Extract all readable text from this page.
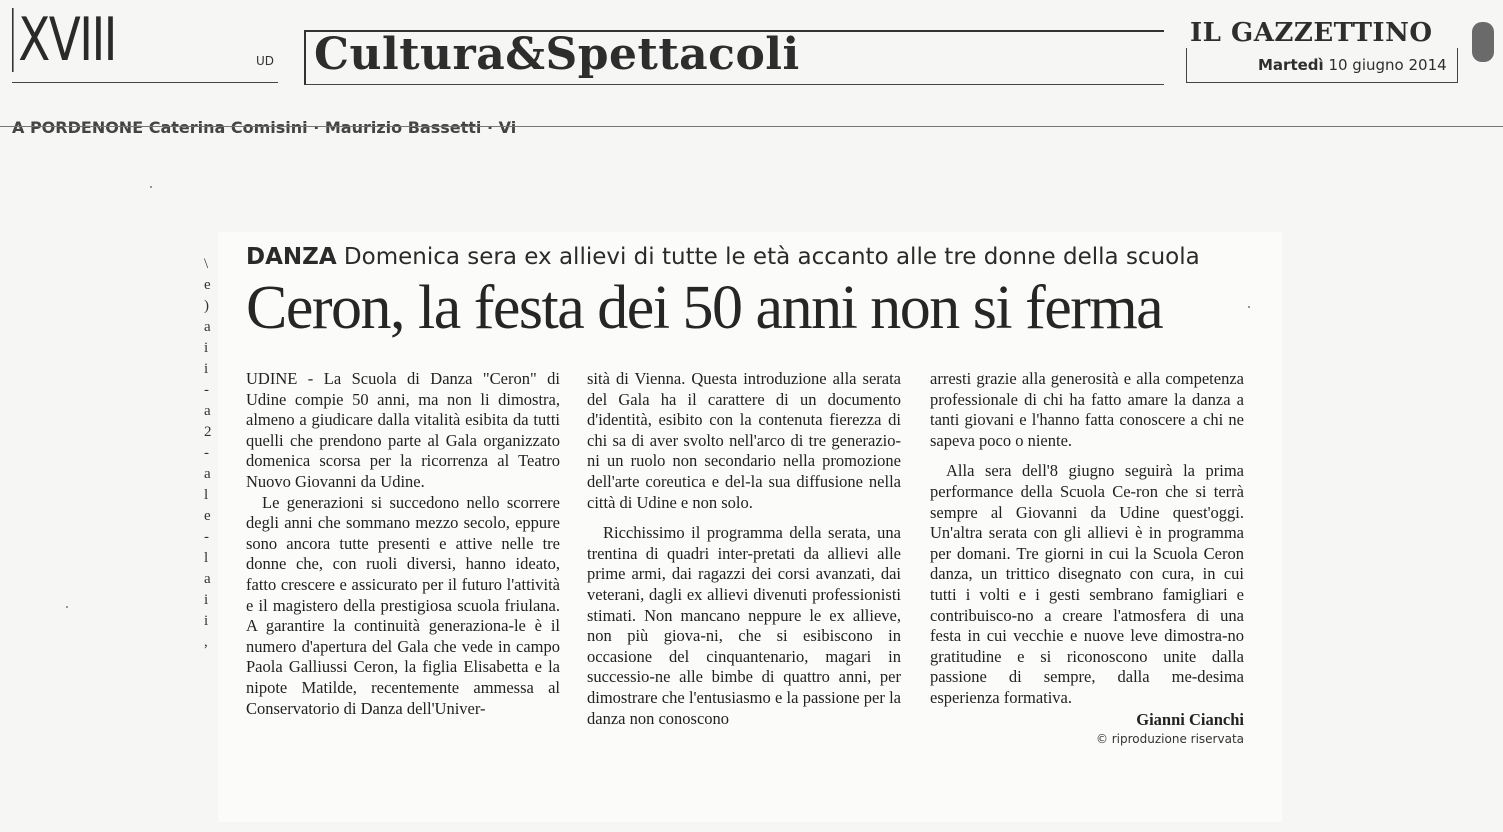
XVIII	UD Cultura&Spettacoli	IL GAZZETTINO
Martedì 10 giugno 2014
A PORDENONE Caterina Comisini · Maurizio Bassetti · Vi
\
e
)
a
i
i
-
a
2
-
a
l
e
-
l
a
i
i
,
DANZA Domenica sera ex allievi di tutte le età accanto alle tre donne della scuola
Ceron, la festa dei 50 anni non si ferma

UDINE - La Scuola di Danza "Ceron" di Udine compie 50 anni, ma non li dimostra, almeno a giudicare dalla vitalità esibita da tutti quelli che prendono parte al Gala organizzato domenica scorsa per la ricorrenza al Teatro Nuovo Giovanni da Udine.

Le generazioni si succedono nello scorrere degli anni che sommano mezzo secolo, eppure sono ancora tutte presenti e attive nelle tre donne che, con ruoli diversi, hanno ideato, fatto crescere e assicurato per il futuro l'attività e il magistero della prestigiosa scuola friulana. A garantire la continuità generaziona-le è il numero d'apertura del Gala che vede in campo Paola Galliussi Ceron, la figlia Elisabetta e la nipote Matilde, recentemente ammessa al Conservatorio di Danza dell'Univer-

sità di Vienna. Questa introduzione alla serata del Gala ha il carattere di un documento d'identità, esibito con la contenuta fierezza di chi sa di aver svolto nell'arco di tre generazio-ni un ruolo non secondario nella promozione dell'arte coreutica e del-la sua diffusione nella città di Udine e non solo.

Ricchissimo il programma della serata, una trentina di quadri inter-pretati da allievi alle prime armi, dai ragazzi dei corsi avanzati, dai veterani, dagli ex allievi divenuti professionisti stimati. Non mancano neppure le ex allieve, non più giova-ni, che si esibiscono in occasione del cinquantenario, magari in successio-ne alle bimbe di quattro anni, per dimostrare che l'entusiasmo e la passione per la danza non conoscono

arresti grazie alla generosità e alla competenza professionale di chi ha fatto amare la danza a tanti giovani e l'hanno fatta conoscere a chi ne sapeva poco o niente.

Alla sera dell'8 giugno seguirà la prima performance della Scuola Ce-ron che si terrà sempre al Giovanni da Udine quest'oggi. Un'altra serata con gli allievi è in programma per domani. Tre giorni in cui la Scuola Ceron danza, un trittico disegnato con cura, in cui tutti i volti e i gesti sembrano famigliari e contribuisco-no a creare l'atmosfera di una festa in cui vecchie e nuove leve dimostra-no gratitudine e si riconoscono unite dalla passione di sempre, dalla me-desima esperienza formativa.

Gianni Cianchi
© riproduzione riservata
